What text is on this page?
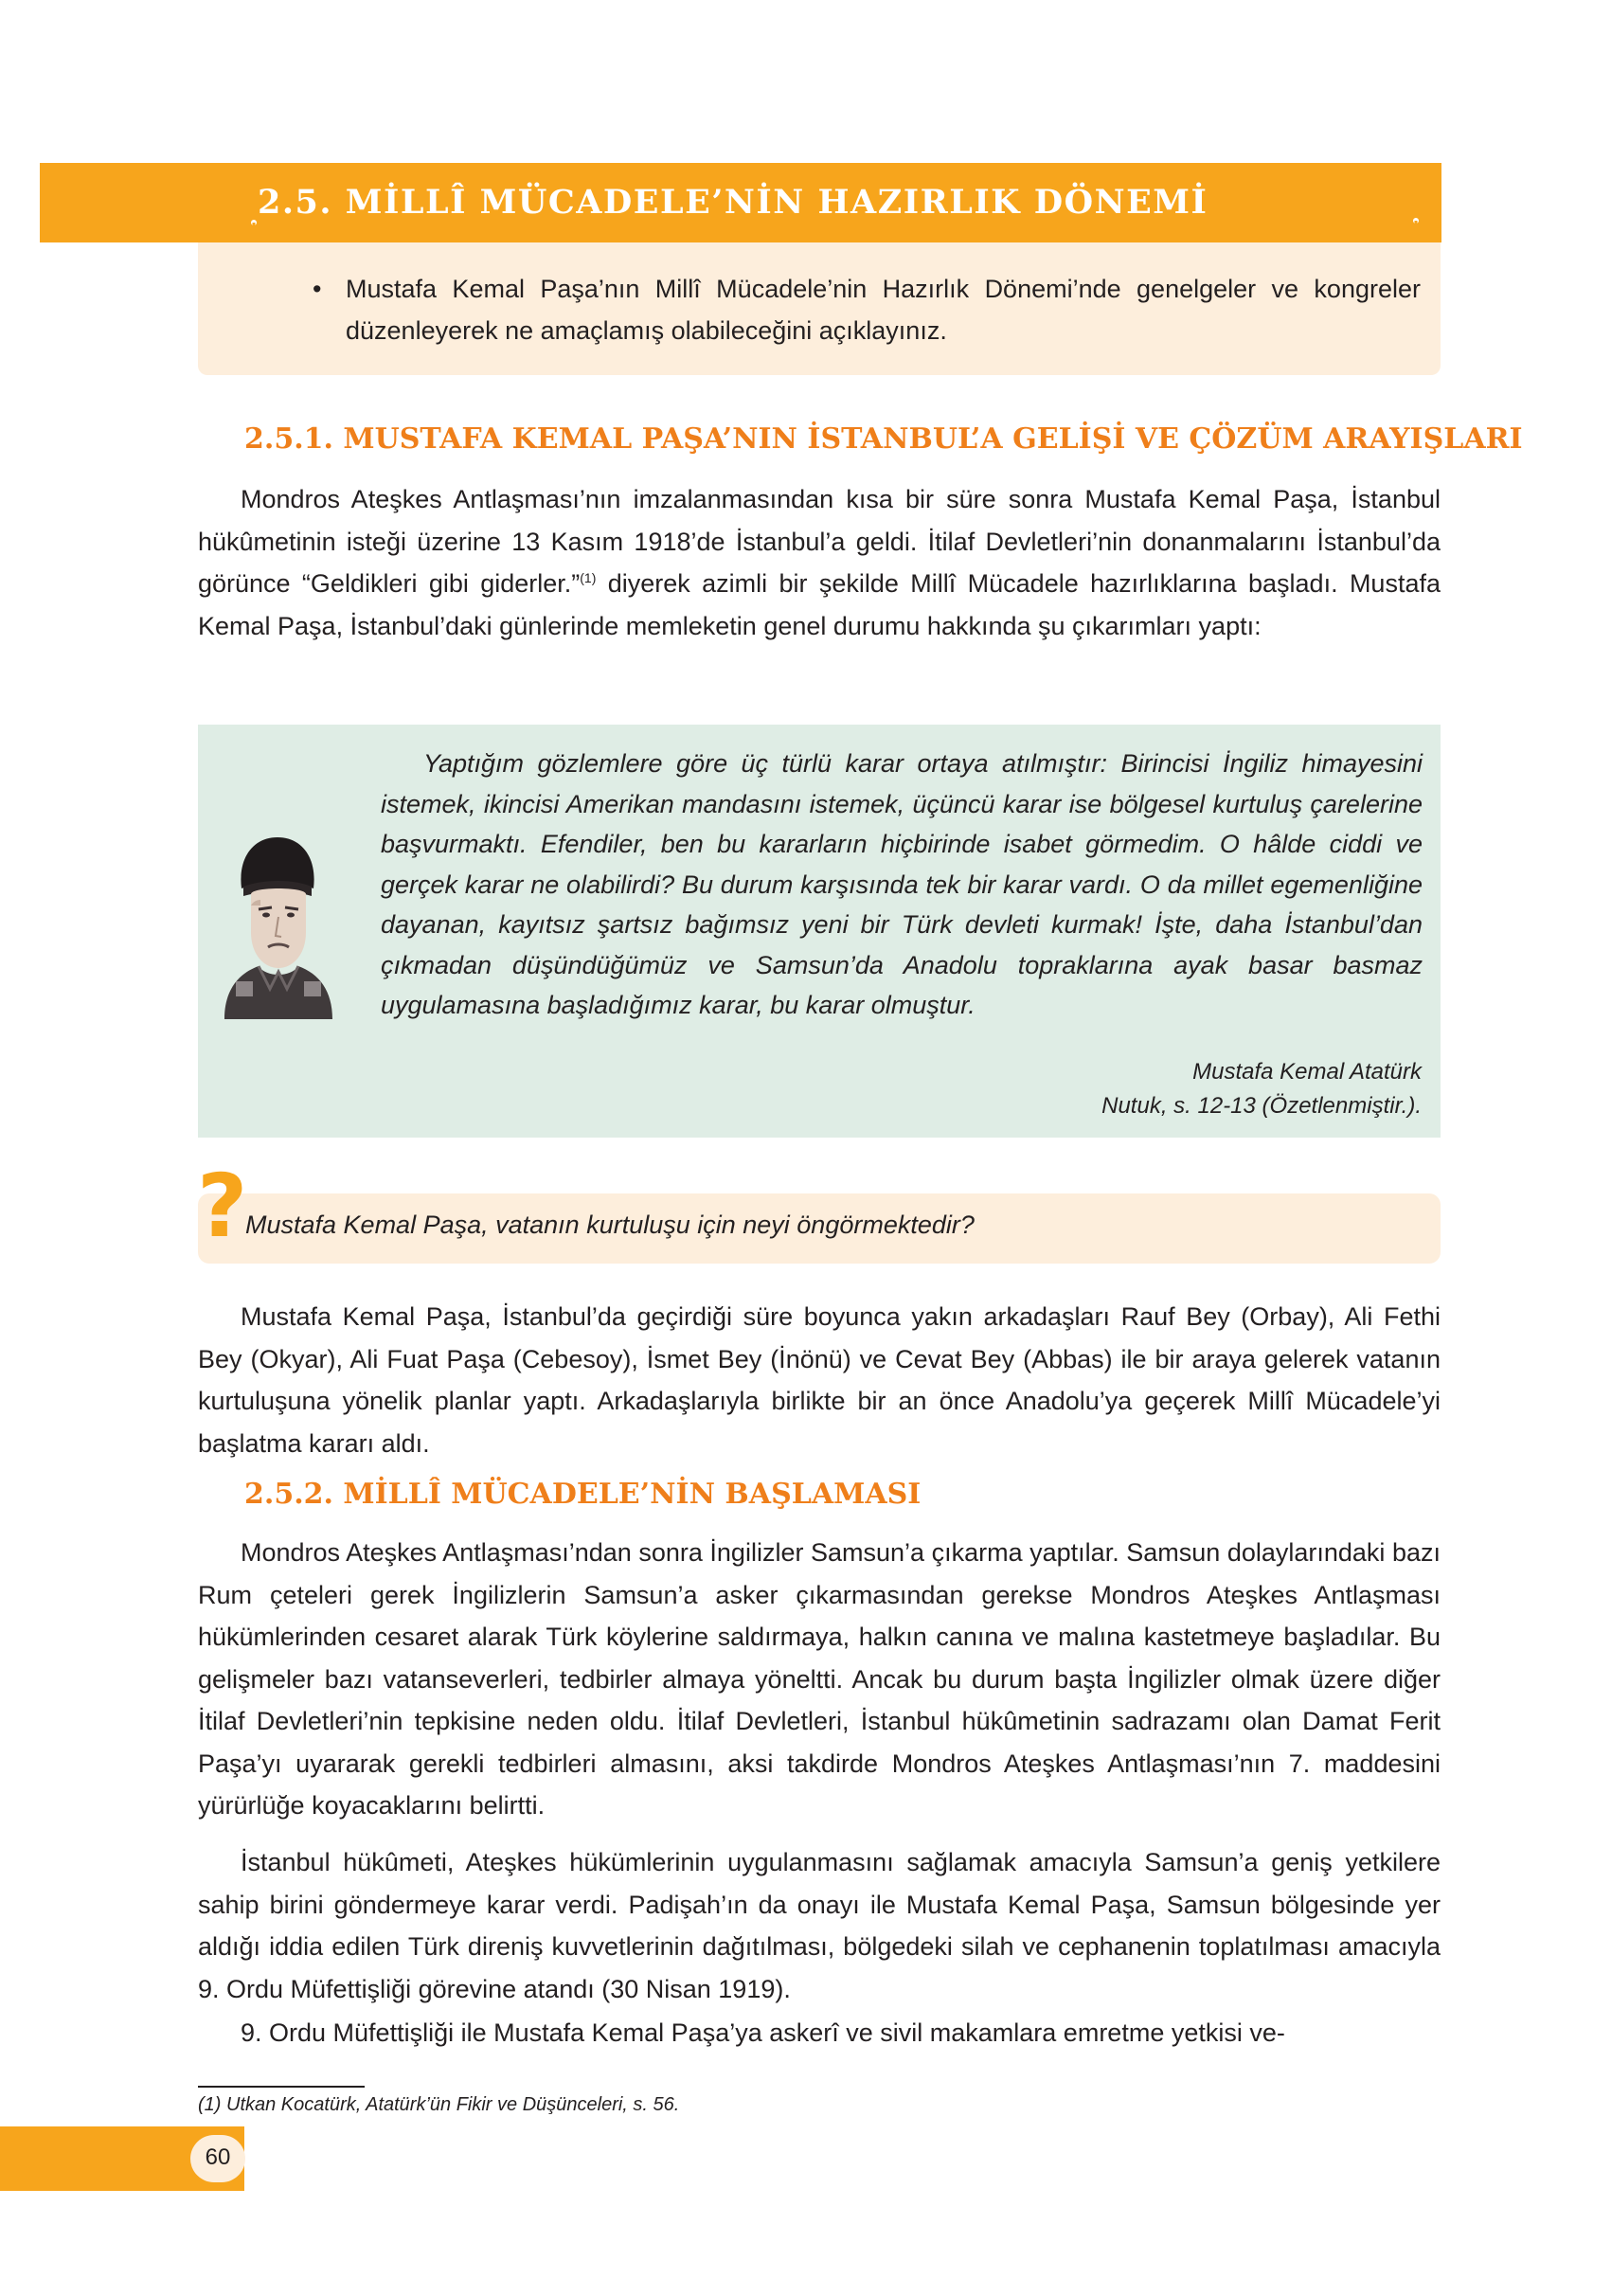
2.5. MİLLÎ MÜCADELE’NİN HAZIRLIK DÖNEMİ
• Mustafa Kemal Paşa’nın Millî Mücadele’nin Hazırlık Dönemi’nde genelgeler ve kongreler düzenleyerek ne amaçlamış olabileceğini açıklayınız.

2.5.1. MUSTAFA KEMAL PAŞA’NIN İSTANBUL’A GELİŞİ VE ÇÖZÜM ARAYIŞLARI

Mondros Ateşkes Antlaşması’nın imzalanmasından kısa bir süre sonra Mustafa Kemal Paşa, İstanbul hükûmetinin isteği üzerine 13 Kasım 1918’de İstanbul’a geldi. İtilaf Devletleri’nin donanmalarını İstanbul’da görünce “Geldikleri gibi giderler.”$^{(1)}$ diyerek azimli bir şekilde Millî Mücadele hazırlıklarına başladı. Mustafa Kemal Paşa, İstanbul’daki günlerinde memleketin genel durumu hakkında şu çıkarımları yaptı:

Yaptığım gözlemlere göre üç türlü karar ortaya atılmıştır: Birincisi İngiliz himayesini istemek, ikincisi Amerikan mandasını istemek, üçüncü karar ise bölgesel kurtuluş çarelerine başvurmaktı. Efendiler, ben bu kararların hiçbirinde isabet görmedim. O hâlde ciddi ve gerçek karar ne olabilirdi? Bu durum karşısında tek bir karar vardı. O da millet egemenliğine dayanan, kayıtsız şartsız bağımsız yeni bir Türk devleti kurmak! İşte, daha İstanbul’dan çıkmadan düşündüğümüz ve Samsun’da Anadolu topraklarına ayak basar basmaz uygulamasına başladığımız karar, bu karar olmuştur.

Mustafa Kemal Atatürk

Nutuk, s. 12-13 (Özetlenmiştir.).

?

Mustafa Kemal Paşa, vatanın kurtuluşu için neyi öngörmektedir?

Mustafa Kemal Paşa, İstanbul’da geçirdiği süre boyunca yakın arkadaşları Rauf Bey (Orbay), Ali Fethi Bey (Okyar), Ali Fuat Paşa (Cebesoy), İsmet Bey (İnönü) ve Cevat Bey (Abbas) ile bir araya gelerek vatanın kurtuluşuna yönelik planlar yaptı. Arkadaşlarıyla birlikte bir an önce Anadolu’ya geçerek Millî Mücadele’yi başlatma kararı aldı.

2.5.2. MİLLÎ MÜCADELE’NİN BAŞLAMASI

Mondros Ateşkes Antlaşması’ndan sonra İngilizler Samsun’a çıkarma yaptılar. Samsun dolaylarındaki bazı Rum çeteleri gerek İngilizlerin Samsun’a asker çıkarmasından gerekse Mondros Ateşkes Antlaşması hükümlerinden cesaret alarak Türk köylerine saldırmaya, halkın canına ve malına kastetmeye başladılar. Bu gelişmeler bazı vatanseverleri, tedbirler almaya yöneltti. Ancak bu durum başta İngilizler olmak üzere diğer İtilaf Devletleri’nin tepkisine neden oldu. İtilaf Devletleri, İstanbul hükûmetinin sadrazamı olan Damat Ferit Paşa’yı uyararak gerekli tedbirleri almasını, aksi takdirde Mondros Ateşkes Antlaşması’nın 7. maddesini yürürlüğe koyacaklarını belirtti.

İstanbul hükûmeti, Ateşkes hükümlerinin uygulanmasını sağlamak amacıyla Samsun’a geniş yetkilere sahip birini göndermeye karar verdi. Padişah’ın da onayı ile Mustafa Kemal Paşa, Samsun bölgesinde yer aldığı iddia edilen Türk direniş kuvvetlerinin dağıtılması, bölgedeki silah ve cephanenin toplatılması amacıyla 9. Ordu Müfettişliği görevine atandı (30 Nisan 1919).

9. Ordu Müfettişliği ile Mustafa Kemal Paşa’ya askerî ve sivil makamlara emretme yetkisi ve-

(1) Utkan Kocatürk, Atatürk’ün Fikir ve Düşünceleri, s. 56.

60
